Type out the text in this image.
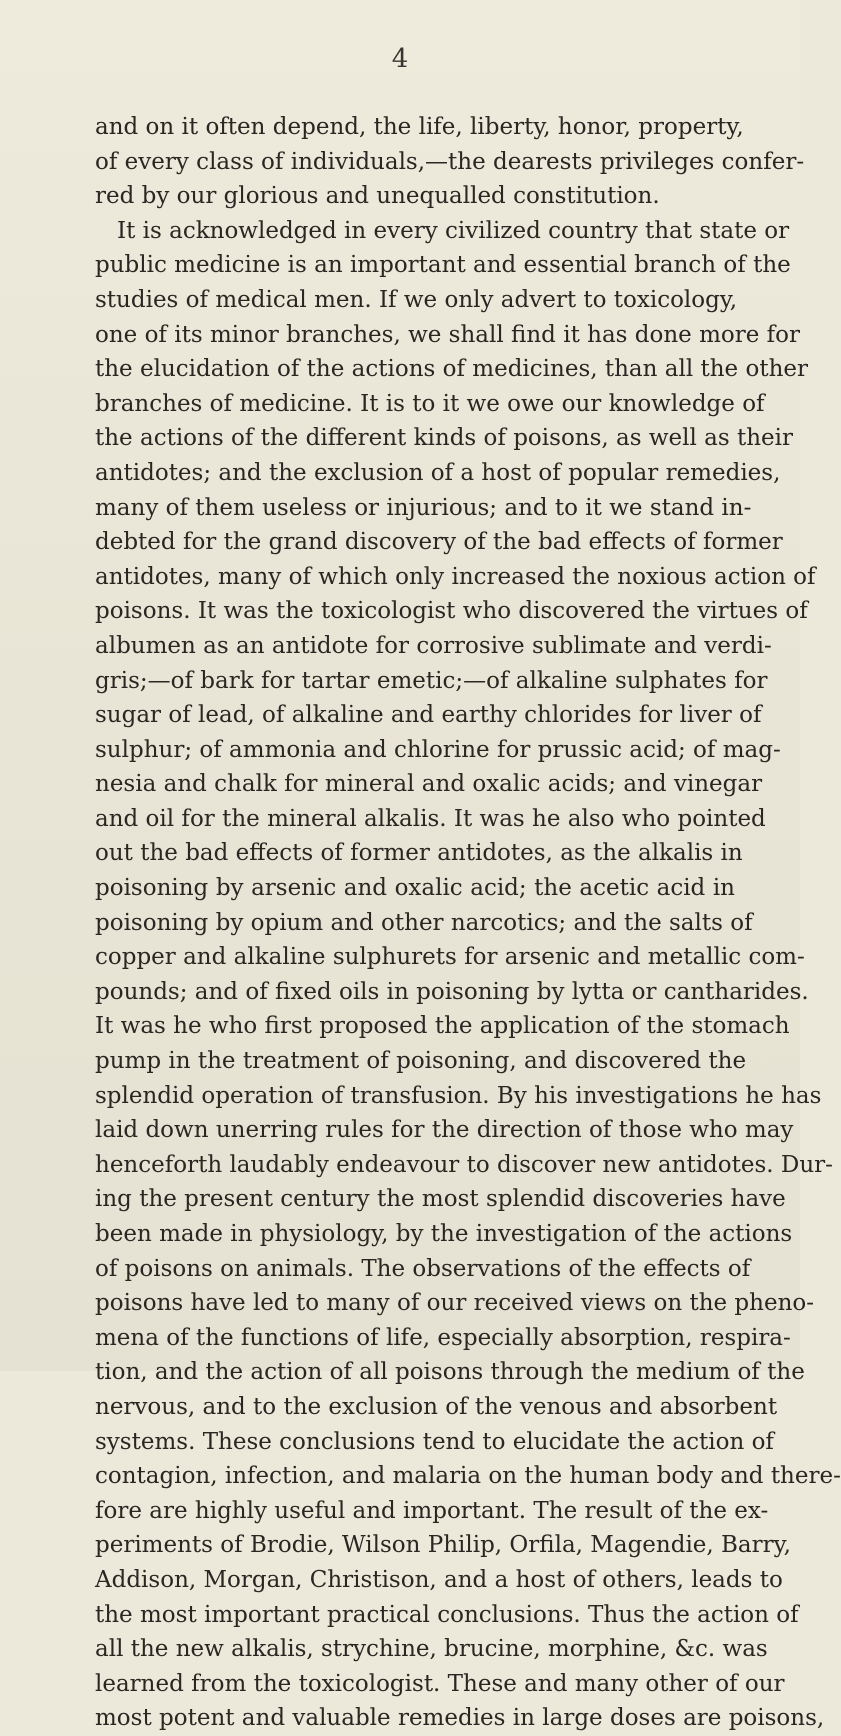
4
and on it often depend, the life, liberty, honor, property,
of every class of individuals,—the dearests privileges confer-
red by our glorious and unequalled constitution.
It is acknowledged in every civilized country that state or
public medicine is an important and essential branch of the
studies of medical men. If we only advert to toxicology,
one of its minor branches, we shall find it has done more for
the elucidation of the actions of medicines, than all the other
branches of medicine. It is to it we owe our knowledge of
the actions of the different kinds of poisons, as well as their
antidotes; and the exclusion of a host of popular remedies,
many of them useless or injurious; and to it we stand in-
debted for the grand discovery of the bad effects of former
antidotes, many of which only increased the noxious action of
poisons. It was the toxicologist who discovered the virtues of
albumen as an antidote for corrosive sublimate and verdi-
gris;—of bark for tartar emetic;—of alkaline sulphates for
sugar of lead, of alkaline and earthy chlorides for liver of
sulphur; of ammonia and chlorine for prussic acid; of mag-
nesia and chalk for mineral and oxalic acids; and vinegar
and oil for the mineral alkalis. It was he also who pointed
out the bad effects of former antidotes, as the alkalis in
poisoning by arsenic and oxalic acid; the acetic acid in
poisoning by opium and other narcotics; and the salts of
copper and alkaline sulphurets for arsenic and metallic com-
pounds; and of fixed oils in poisoning by lytta or cantharides.
It was he who first proposed the application of the stomach
pump in the treatment of poisoning, and discovered the
splendid operation of transfusion. By his investigations he has
laid down unerring rules for the direction of those who may
henceforth laudably endeavour to discover new antidotes. Dur-
ing the present century the most splendid discoveries have
been made in physiology, by the investigation of the actions
of poisons on animals. The observations of the effects of
poisons have led to many of our received views on the pheno-
mena of the functions of life, especially absorption, respira-
tion, and the action of all poisons through the medium of the
nervous, and to the exclusion of the venous and absorbent
systems. These conclusions tend to elucidate the action of
contagion, infection, and malaria on the human body and there-
fore are highly useful and important. The result of the ex-
periments of Brodie, Wilson Philip, Orfila, Magendie, Barry,
Addison, Morgan, Christison, and a host of others, leads to
the most important practical conclusions. Thus the action of
all the new alkalis, strychine, brucine, morphine, &c. was
learned from the toxicologist. These and many other of our
most potent and valuable remedies in large doses are poisons,
